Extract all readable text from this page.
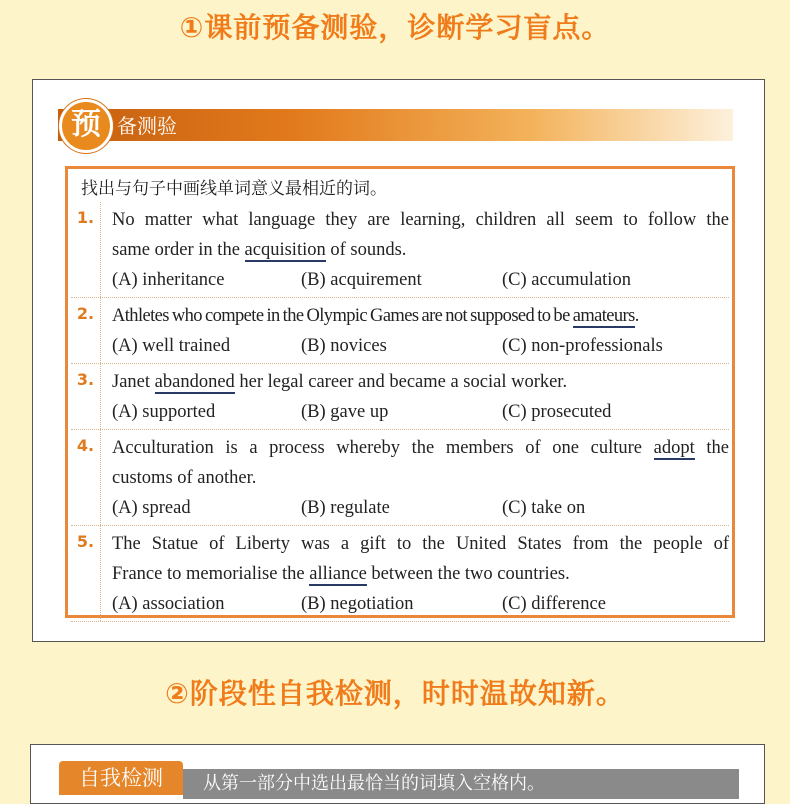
①课前预备测验，诊断学习盲点。
预 备测验
找出与句子中画线单词意义最相近的词。
1. No matter what language they are learning, children all seem to follow the
same order in the acquisition of sounds.
(A) inheritance	(B) acquirement	(C) accumulation
2. Athletes who compete in the Olympic Games are not supposed to be amateurs.
(A) well trained	(B) novices	(C) non-professionals
3. Janet abandoned her legal career and became a social worker.
(A) supported	(B) gave up	(C) prosecuted
4. Acculturation is a process whereby the members of one culture adopt the
customs of another.
(A) spread	(B) regulate	(C) take on
5. The Statue of Liberty was a gift to the United States from the people of
France to memorialise the alliance between the two countries.
(A) association	(B) negotiation	(C) difference
②阶段性自我检测，时时温故知新。
自我检测	从第一部分中选出最恰当的词填入空格内。
